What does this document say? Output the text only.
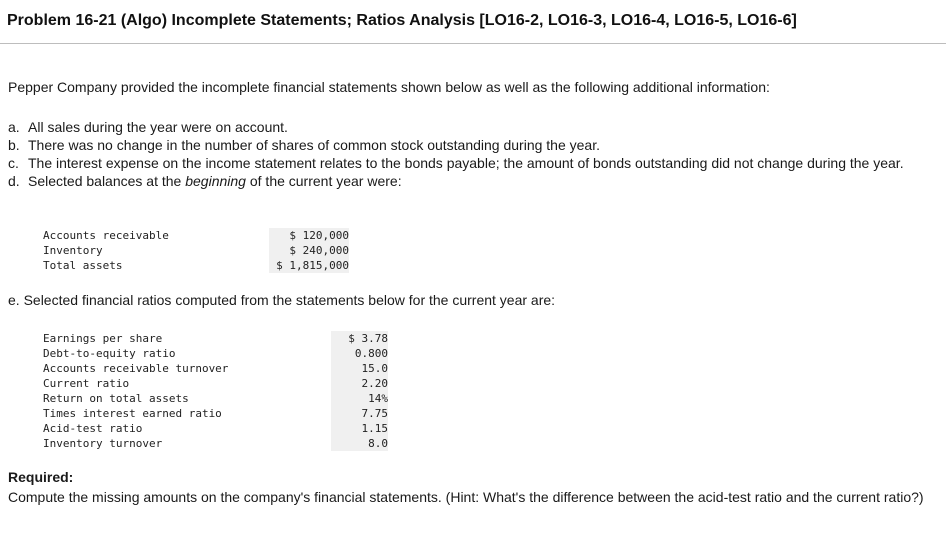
Problem 16-21 (Algo) Incomplete Statements; Ratios Analysis [LO16-2, LO16-3, LO16-4, LO16-5, LO16-6]
Pepper Company provided the incomplete financial statements shown below as well as the following additional information:
a. All sales during the year were on account.
b. There was no change in the number of shares of common stock outstanding during the year.
c. The interest expense on the income statement relates to the bonds payable; the amount of bonds outstanding did not change during the year.
d. Selected balances at the beginning of the current year were:
Accounts receivable	$ 120,000
Inventory	$ 240,000
Total assets	$ 1,815,000
e. Selected financial ratios computed from the statements below for the current year are:
Earnings per share	$ 3.78
Debt-to-equity ratio	0.800
Accounts receivable turnover	15.0
Current ratio	2.20
Return on total assets	14%
Times interest earned ratio	7.75
Acid-test ratio	1.15
Inventory turnover	8.0
Required:
Compute the missing amounts on the company's financial statements. (Hint: What's the difference between the acid-test ratio and the current ratio?)
